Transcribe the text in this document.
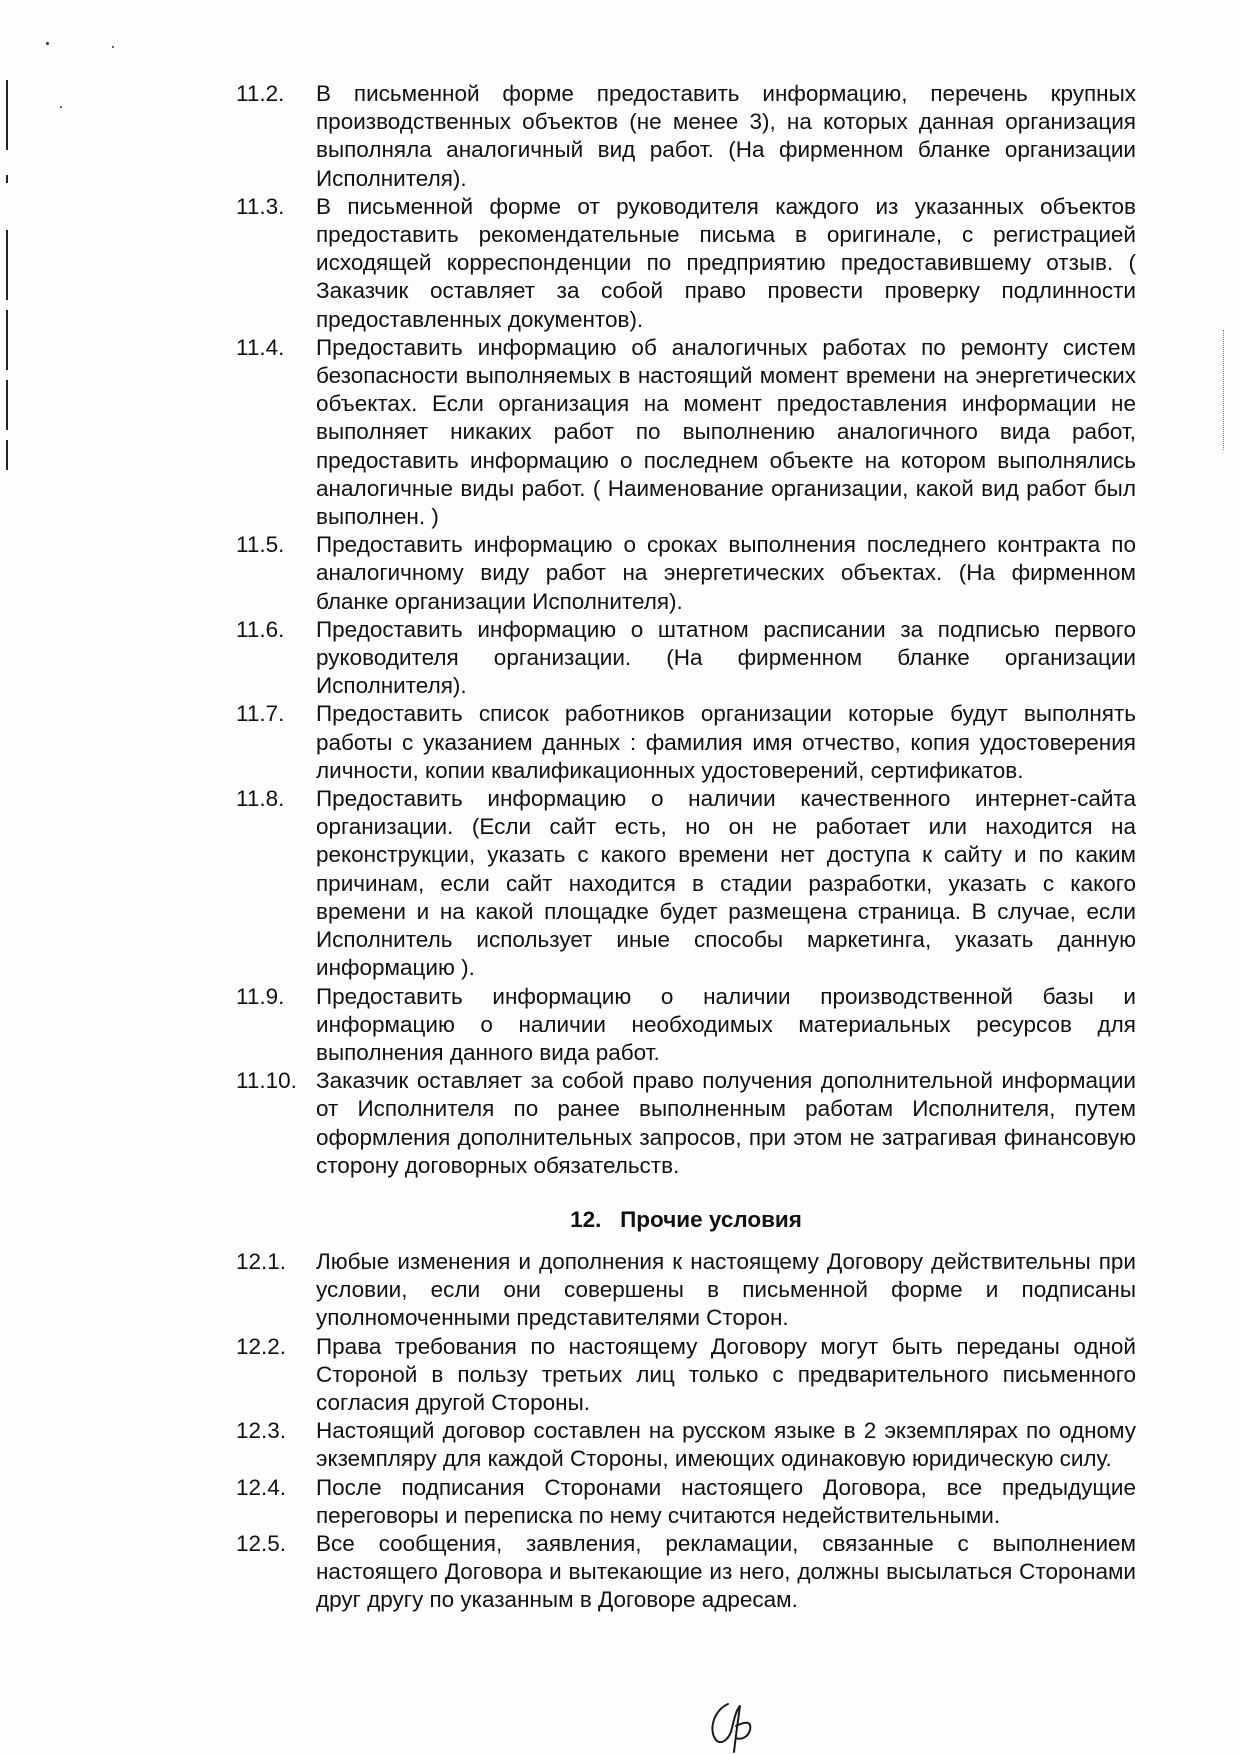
11.2.	В письменной форме предоставить информацию, перечень крупных производственных объектов (не менее 3), на которых данная организация выполняла аналогичный вид работ. (На фирменном бланке организации Исполнителя).
11.3.	В письменной форме от руководителя каждого из указанных объектов предоставить рекомендательные письма в оригинале, с регистрацией исходящей корреспонденции по предприятию предоставившему отзыв. ( Заказчик оставляет за собой право провести проверку подлинности предоставленных документов).
11.4.	Предоставить информацию об аналогичных работах по ремонту систем безопасности выполняемых в настоящий момент времени на энергетических объектах. Если организация на момент предоставления информации не выполняет никаких работ по выполнению аналогичного вида работ, предоставить информацию о последнем объекте на котором выполнялись аналогичные виды работ. ( Наименование организации, какой вид работ был выполнен. )
11.5.	Предоставить информацию о сроках выполнения последнего контракта по аналогичному виду работ на энергетических объектах. (На фирменном бланке организации Исполнителя).
11.6.	Предоставить информацию о штатном расписании за подписью первого руководителя организации. (На фирменном бланке организации Исполнителя).
11.7.	Предоставить список работников организации которые будут выполнять работы с указанием данных : фамилия имя отчество, копия удостоверения личности, копии квалификационных удостоверений, сертификатов.
11.8.	Предоставить информацию о наличии качественного интернет-сайта организации. (Если сайт есть, но он не работает или находится на реконструкции, указать с какого времени нет доступа к сайту и по каким причинам, если сайт находится в стадии разработки, указать с какого времени и на какой площадке будет размещена страница. В случае, если Исполнитель использует иные способы маркетинга, указать данную информацию ).
11.9.	Предоставить информацию о наличии производственной базы и информацию о наличии необходимых материальных ресурсов для выполнения данного вида работ.
11.10. Заказчик оставляет за собой право получения дополнительной информации от Исполнителя по ранее выполненным работам Исполнителя, путем оформления дополнительных запросов, при этом не затрагивая финансовую сторону договорных обязательств.
12.   Прочие условия
12.1.	Любые изменения и дополнения к настоящему Договору действительны при условии, если они совершены в письменной форме и подписаны уполномоченными представителями Сторон.
12.2.	Права требования по настоящему Договору могут быть переданы одной Стороной в пользу третьих лиц только с предварительного письменного согласия другой Стороны.
12.3.	Настоящий договор составлен на русском языке в 2 экземплярах по одному экземпляру для каждой Стороны, имеющих одинаковую юридическую силу.
12.4.	После подписания Сторонами настоящего Договора, все предыдущие переговоры и переписка по нему считаются недействительными.
12.5.	Все сообщения, заявления, рекламации, связанные с выполнением настоящего Договора и вытекающие из него, должны высылаться Сторонами друг другу по указанным в Договоре адресам.
